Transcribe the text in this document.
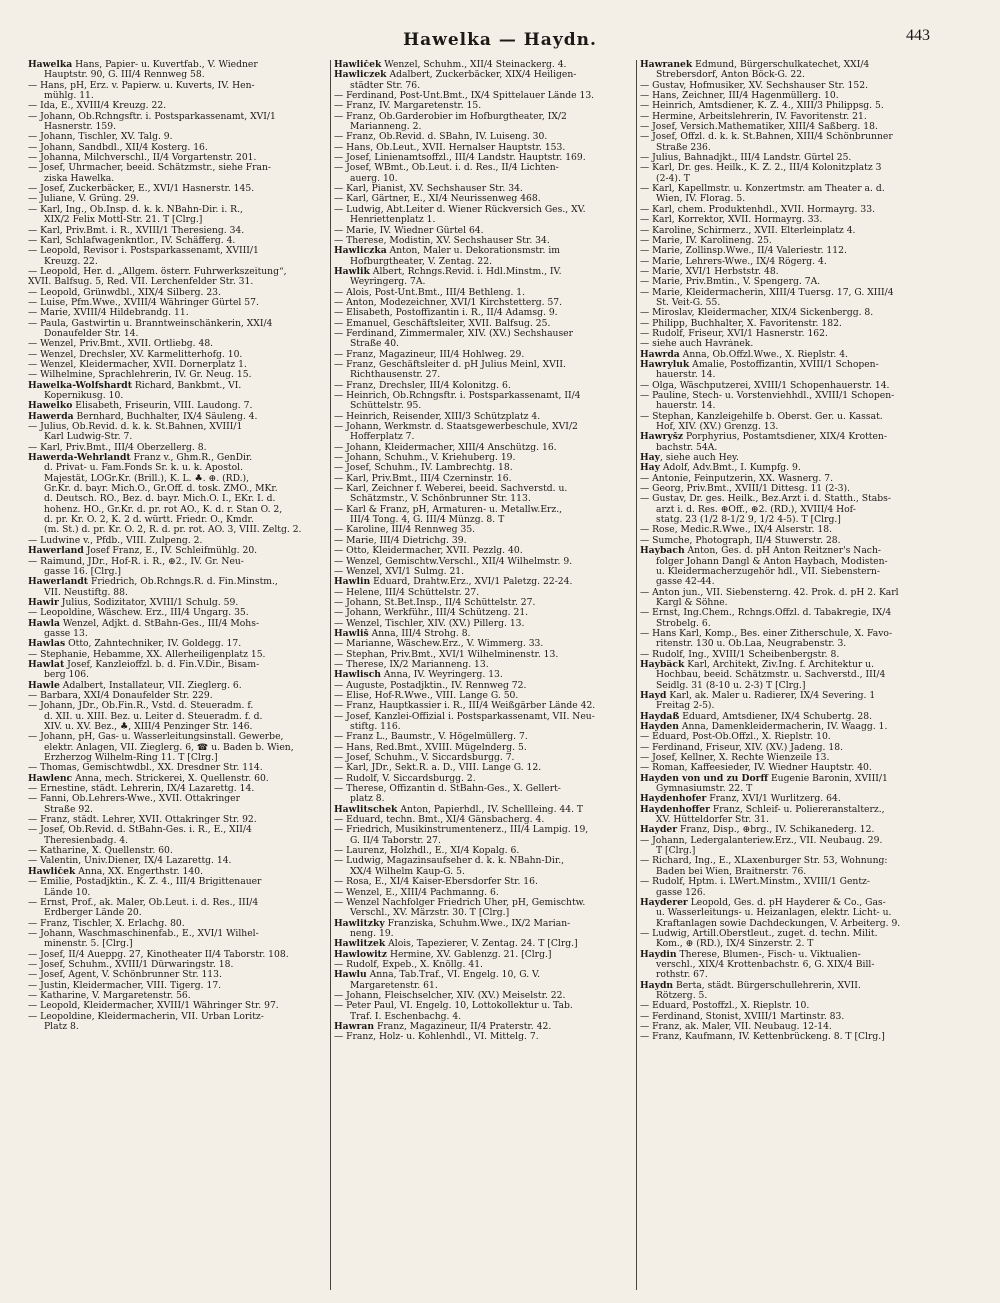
Hawelka — Haydn.	443
Hawelka Hans, Papier- u. Kuvertfab., V. Wiedner
Hauptstr. 90, G. III/4 Rennweg 58.
— Hans, pH, Erz. v. Papierw. u. Kuverts, IV. Hen-
mühlg. 11.
— Ida, E., XVIII/4 Kreuzg. 22.
— Johann, Ob.Rchngsftr. i. Postsparkassenamt, XVI/1
Hasnerstr. 159.
— Johann, Tischler, XV. Talg. 9.
— Johann, Sandbdl., XII/4 Kosterg. 16.
— Johanna, Milchverschl., II/4 Vorgartenstr. 201.
— Josef, Uhrmacher, beeid. Schätzmstr., siehe Fran-
ziska Hawelka.
— Josef, Zuckerbäcker, E., XVI/1 Hasnerstr. 145.
— Juliane, V. Grüng. 29.
— Karl, Ing., Ob.Insp. d. k. k. NBahn-Dir. i. R.,
XIX/2 Felix Mottl-Str. 21. T [Clrg.]
— Karl, Priv.Bmt. i. R., XVIII/1 Theresieng. 34.
— Karl, Schlafwagenkntlor., IV. Schäfferg. 4.
— Leopold, Revisor i. Postsparkassenamt, XVIII/1
Kreuzg. 22.
— Leopold, Her. d. „Allgem. österr. Fuhrwerkszeitung“,
XVII. Balfsug. 5, Red. VII. Lerchenfelder Str. 31.
— Leopold, Grünwdbl., XIX/4 Silberg. 23.
— Luise, Pfm.Wwe., XVIII/4 Währinger Gürtel 57.
— Marie, XVIII/4 Hildebrandg. 11.
— Paula, Gastwirtin u. Branntweinschänkerin, XXI/4
Donaufelder Str. 14.
— Wenzel, Priv.Bmt., XVII. Ortliebg. 48.
— Wenzel, Drechsler, XV. Karmelitterhofg. 10.
— Wenzel, Kleidermacher, XVII. Dornerplatz 1.
— Wilhelmine, Sprachlehrerin, IV. Gr. Neug. 15.
Hawelka-Wolfshardt Richard, Bankbmt., VI.
Kopernikusg. 10.
Hawelko Elisabeth, Friseurin, VIII. Laudong. 7.
Hawerda Bernhard, Buchhalter, IX/4 Säuleng. 4.
— Julius, Ob.Revid. d. k. k. St.Bahnen, XVIII/1
Karl Ludwig-Str. 7.
— Karl, Priv.Bmt., III/4 Oberzellerg. 8.
Hawerda-Wehrlandt Franz v., Ghm.R., GenDir.
d. Privat- u. Fam.Fonds Sr. k. u. k. Apostol.
Majestät, LOGr.Kr. (Brill.), K. L. ♣. ⊕. (RD.),
Gr.Kr. d. bayr. Mich.O., Gr.Off. d. tosk. ZMO., MKr.
d. Deutsch. RO., Bez. d. bayr. Mich.O. I., EKr. I. d.
hohenz. HO., Gr.Kr. d. pr. rot AO., K. d. r. Stan O. 2,
d. pr. Kr. O. 2, K. 2 d. württ. Friedr. O., Kmdr.
(m. St.) d. pr. Kr. O. 2, R. d. pr. rot. AO. 3, VIII. Zeltg. 2.
— Ludwine v., Pfdb., VIII. Zulpeng. 2.
Hawerland Josef Franz, E., IV. Schleifmühlg. 20.
— Raimund, JDr., Hof-R. i. R., ⊕2., IV. Gr. Neu-
gasse 16. [Clrg.]
Hawerlandt Friedrich, Ob.Rchngs.R. d. Fin.Minstm.,
VII. Neustiftg. 88.
Hawir Julius, Sodizitator, XVIII/1 Schulg. 59.
— Leopoldine, Wäschew. Erz., III/4 Ungarg. 35.
Hawla Wenzel, Adjkt. d. StBahn-Ges., III/4 Mohs-
gasse 13.
Hawlas Otto, Zahntechniker, IV. Goldegg. 17.
— Stephanie, Hebamme, XX. Allerheiligenplatz 15.
Hawlat Josef, Kanzleioffzl. b. d. Fin.V.Dir., Bisam-
berg 106.
Hawle Adalbert, Installateur, VII. Zieglerg. 6.
— Barbara, XXI/4 Donaufelder Str. 229.
— Johann, JDr., Ob.Fin.R., Vstd. d. Steueradm. f.
d. XII. u. XIII. Bez. u. Leiter d. Steueradm. f. d.
XIV. u. XV. Bez., ♣, XIII/4 Penzinger Str. 146.
— Johann, pH, Gas- u. Wasserleitungsinstall. Gewerbe,
elektr. Anlagen, VII. Zieglerg. 6, ☎ u. Baden b. Wien,
Erzherzog Wilhelm-Ring 11. T [Clrg.]
— Thomas, Gemischtwdbl., XX. Dresdner Str. 114.
Hawlenc Anna, mech. Strickerei, X. Quellenstr. 60.
— Ernestine, städt. Lehrerin, IX/4 Lazarettg. 14.
— Fanni, Ob.Lehrers-Wwe., XVII. Ottakringer
Straße 92.
— Franz, städt. Lehrer, XVII. Ottakringer Str. 92.
— Josef, Ob.Revid. d. StBahn-Ges. i. R., E., XII/4
Theresienbadg. 4.
— Katharine, X. Quellenstr. 60.
— Valentin, Univ.Diener, IX/4 Lazarettg. 14.
Hawliček Anna, XX. Engerthstr. 140.
— Emilie, Postadjktin., K. Z. 4., III/4 Brigittenauer
Lände 10.
— Ernst, Prof., ak. Maler, Ob.Leut. i. d. Res., III/4
Erdberger Lände 20.
— Franz, Tischler, X. Erlachg. 80.
— Johann, Waschmaschinenfab., E., XVI/1 Wilhel-
minenstr. 5. [Clrg.]
— Josef, II/4 Aueppg. 27, Kinotheater II/4 Taborstr. 108.
— Josef, Schuhm., XVIII/1 Dürwaringstr. 18.
— Josef, Agent, V. Schönbrunner Str. 113.
— Justin, Kleidermacher, VIII. Tigerg. 17.
— Katharine, V. Margaretenstr. 56.
— Leopold, Kleidermacher, XVIII/1 Währinger Str. 97.
— Leopoldine, Kleidermacherin, VII. Urban Loritz-
Platz 8.
Hawliček Wenzel, Schuhm., XII/4 Steinackerg. 4.
Hawliczek Adalbert, Zuckerbäcker, XIX/4 Heiligen-
städter Str. 76.
— Ferdinand, Post-Unt.Bmt., IX/4 Spittelauer Lände 13.
— Franz, IV. Margaretenstr. 15.
— Franz, Ob.Garderobier im Hofburgtheater, IX/2
Marianneng. 2.
— Franz, Ob.Revid. d. SBahn, IV. Luiseng. 30.
— Hans, Ob.Leut., XVII. Hernalser Hauptstr. 153.
— Josef, Linienamtsoffzl., III/4 Landstr. Hauptstr. 169.
— Josef, WBmt., Ob.Leut. i. d. Res., II/4 Lichten-
auerg. 10.
— Karl, Pianist, XV. Sechshauser Str. 34.
— Karl, Gärtner, E., XI/4 Neurissenweg 468.
— Ludwig, Abt.Leiter d. Wiener Rückversich Ges., XV.
Henriettenplatz 1.
— Marie, IV. Wiedner Gürtel 64.
— Therese, Modistin, XV. Sechshauser Str. 34.
Hawliczka Anton, Maler u. Dekorationsmstr. im
Hofburgtheater, V. Zentag. 22.
Hawlik Albert, Rchngs.Revid. i. Hdl.Minstm., IV.
Weyringerg. 7A.
— Alois, Post-Unt.Bmt., III/4 Bethleng. 1.
— Anton, Modezeichner, XVI/1 Kirchstetterg. 57.
— Elisabeth, Postoffizantin i. R., II/4 Adamsg. 9.
— Emanuel, Geschäftsleiter, XVII. Balfsug. 25.
— Ferdinand, Zimmermaler, XIV. (XV.) Sechshauser
Straße 40.
— Franz, Magazineur, III/4 Hohlweg. 29.
— Franz, Geschäftsleiter d. pH Julius Meinl, XVII.
Richthausenstr. 27.
— Franz, Drechsler, III/4 Kolonitzg. 6.
— Heinrich, Ob.Rchngsftr. i. Postsparkassenamt, II/4
Schüttelstr. 95.
— Heinrich, Reisender, XIII/3 Schützplatz 4.
— Johann, Werkmstr. d. Staatsgewerbeschule, XVI/2
Hofferplatz 7.
— Johann, Kleidermacher, XIII/4 Anschützg. 16.
— Johann, Schuhm., V. Kriehuberg. 19.
— Josef, Schuhm., IV. Lambrechtg. 18.
— Karl, Priv.Bmt., III/4 Czerninstr. 16.
— Karl, Zeichner f. Weberei, beeid. Sachverstd. u.
Schätzmstr., V. Schönbrunner Str. 113.
— Karl & Franz, pH, Armaturen- u. Metallw.Erz.,
III/4 Tong. 4, G. III/4 Münzg. 8. T
— Karoline, III/4 Rennweg 35.
— Marie, III/4 Dietrichg. 39.
— Otto, Kleidermacher, XVII. Pezzlg. 40.
— Wenzel, Gemischtw.Verschl., XII/4 Wilhelmstr. 9.
— Wenzel, XVI/1 Sulmg. 21.
Hawlin Eduard, Drahtw.Erz., XVI/1 Paletzg. 22-24.
— Helene, III/4 Schüttelstr. 27.
— Johann, St.Bet.Insp., II/4 Schüttelstr. 27.
— Johann, Werkführ., III/4 Schützeng. 21.
— Wenzel, Tischler, XIV. (XV.) Pillerg. 13.
Hawliš Anna, III/4 Strohg. 8.
— Marianne, Wäschew.Erz., V. Wimmerg. 33.
— Stephan, Priv.Bmt., XVI/1 Wilhelminenstr. 13.
— Therese, IX/2 Marianneng. 13.
Hawlisch Anna, IV. Weyringerg. 13.
— Auguste, Postadjktin., IV. Rennweg 72.
— Elise, Hof-R.Wwe., VIII. Lange G. 50.
— Franz, Hauptkassier i. R., III/4 Weißgärber Lände 42.
— Josef, Kanzlei-Offizial i. Postsparkassenamt, VII. Neu-
stiftg. 116.
— Franz L., Baumstr., V. Högelmüllerg. 7.
— Hans, Red.Bmt., XVIII. Mügelnderg. 5.
— Josef, Schuhm., V. Siccardsburgg. 7.
— Karl, JDr., Sekt.R. a. D., VIII. Lange G. 12.
— Rudolf, V. Siccardsburgg. 2.
— Therese, Offizantin d. StBahn-Ges., X. Gellert-
platz 8.
Hawlitschek Anton, Papierhdl., IV. Schellleing. 44. T
— Eduard, techn. Bmt., XI/4 Gänsbacherg. 4.
— Friedrich, Musikinstrumentenerz., III/4 Lampig. 19,
G. II/4 Taborstr. 27.
— Laurenz, Holzhdl., E., XI/4 Kopalg. 6.
— Ludwig, Magazinsaufseher d. k. k. NBahn-Dir.,
XX/4 Wilhelm Kaup-G. 5.
— Rosa, E., XI/4 Kaiser-Ebersdorfer Str. 16.
— Wenzel, E., XIII/4 Pachmanng. 6.
— Wenzel Nachfolger Friedrich Uher, pH, Gemischtw.
Verschl., XV. Märzstr. 30. T [Clrg.]
Hawlitzky Franziska, Schuhm.Wwe., IX/2 Marian-
neng. 19.
Hawlitzek Alois, Tapezierer, V. Zentag. 24. T [Clrg.]
Hawlowitz Hermine, XV. Gablenzg. 21. [Clrg.]
— Rudolf, Expeb., X. Knöllg. 41.
Hawlu Anna, Tab.Traf., VI. Engelg. 10, G. V.
Margaretenstr. 61.
— Johann, Fleischselcher, XIV. (XV.) Meiselstr. 22.
— Peter Paul, VI. Engelg. 10, Lottokollektur u. Tab.
Traf. I. Eschenbachg. 4.
Hawran Franz, Magazineur, II/4 Praterstr. 42.
— Franz, Holz- u. Kohlenhdl., VI. Mittelg. 7.
Hawranek Edmund, Bürgerschulkatechet, XXI/4
Strebersdorf, Anton Böck-G. 22.
— Gustav, Hofmusiker, XV. Sechshauser Str. 152.
— Hans, Zeichner, III/4 Hagenmüllerg. 10.
— Heinrich, Amtsdiener, K. Z. 4., XIII/3 Philippsg. 5.
— Hermine, Arbeitslehrerin, IV. Favoritenstr. 21.
— Josef, Versich.Mathematiker, XIII/4 Saßberg. 18.
— Josef, Offzl. d. k. k. St.Bahnen, XIII/4 Schönbrunner
Straße 236.
— Julius, Bahnadjkt., III/4 Landstr. Gürtel 25.
— Karl, Dr. ges. Heilk., K. Z. 2., III/4 Kolonitzplatz 3
(2-4). T
— Karl, Kapellmstr. u. Konzertmstr. am Theater a. d.
Wien, IV. Florag. 5.
— Karl, chem. Produktenhdl., XVII. Hormayrg. 33.
— Karl, Korrektor, XVII. Hormayrg. 33.
— Karoline, Schirmerz., XVII. Elterleinplatz 4.
— Marie, IV. Karolineng. 25.
— Marie, Zollinsp.Wwe., II/4 Valeriestr. 112.
— Marie, Lehrers-Wwe., IX/4 Rögerg. 4.
— Marie, XVI/1 Herbststr. 48.
— Marie, Priv.Bmtin., V. Spengerg. 7A.
— Marie, Kleidermacherin, XIII/4 Tuersg. 17, G. XIII/4
St. Veit-G. 55.
— Miroslav, Kleidermacher, XIX/4 Sickenbergg. 8.
— Philipp, Buchhalter, X. Favoritenstr. 182.
— Rudolf, Friseur, XVI/1 Hasnerstr. 162.
— siehe auch Havránek.
Hawrda Anna, Ob.Offzl.Wwe., X. Rieplstr. 4.
Hawryluk Amalie, Postoffizantin, XVIII/1 Schopen-
hauerstr. 14.
— Olga, Wäschputzerei, XVIII/1 Schopenhauerstr. 14.
— Pauline, Stech- u. Vorstenviehhdl., XVIII/1 Schopen-
hauerstr. 14.
— Stephan, Kanzleigehilfe b. Oberst. Ger. u. Kassat.
Hof, XIV. (XV.) Grenzg. 13.
Hawryšz Porphyrius, Postamtsdiener, XIX/4 Krotten-
bachstr. 54A.
Hay, siehe auch Hey.
Hay Adolf, Adv.Bmt., I. Kumpfg. 9.
— Antonie, Feinputzerin, XX. Wasnerg. 7.
— Georg, Priv.Bmt., XVIII/1 Dittesg. 11 (2-3).
— Gustav, Dr. ges. Heilk., Bez.Arzt i. d. Statth., Stabs-
arzt i. d. Res. ⊕Off., ⊕2. (RD.), XVIII/4 Hof-
statg. 23 (1/2 8-1/2 9, 1/2 4-5). T [Clrg.]
— Rose, Medic.R.Wwe., IX/4 Alserstr. 18.
— Sumche, Photograph, II/4 Stuwerstr. 28.
Haybach Anton, Ges. d. pH Anton Reitzner's Nach-
folger Johann Dangl & Anton Haybach, Modisten-
u. Kleidermacherzugehör hdl., VII. Siebenstern-
gasse 42-44.
— Anton jun., VII. Siebensterng. 42. Prok. d. pH 2. Karl
Kargl & Söhne.
— Ernst, Ing.Chem., Rchngs.Offzl. d. Tabakregie, IX/4
Strobelg. 6.
— Hans Karl, Komp., Bes. einer Zitherschule, X. Favo-
ritenstr. 130 u. Ob.Laa, Neugrabenstr. 3.
— Rudolf, Ing., XVIII/1 Scheibenbergstr. 8.
Haybäck Karl, Architekt, Ziv.Ing. f. Architektur u.
Hochbau, beeid. Schätzmstr. u. Sachverstd., III/4
Seidlg. 31 (8-10 u. 2-3) T [Clrg.]
Hayd Karl, ak. Maler u. Radierer, IX/4 Severing. 1
Freitag 2-5).
Haydaß Eduard, Amtsdiener, IX/4 Schubertg. 28.
Hayden Anna, Damenkleidermacherin, IV. Waagg. 1.
— Eduard, Post-Ob.Offzl., X. Rieplstr. 10.
— Ferdinand, Friseur, XIV. (XV.) Jadeng. 18.
— Josef, Kellner, X. Rechte Wienzeile 13.
— Roman, Kaffeesieder, IV. Wiedner Hauptstr. 40.
Hayden von und zu Dorff Eugenie Baronin, XVIII/1
Gymnasiumstr. 22. T
Haydenhofer Franz, XVI/1 Wurlitzerg. 64.
Haydenhoffer Franz, Schleif- u. Poliereranstalterz.,
XV. Hütteldorfer Str. 31.
Hayder Franz, Disp., ⊕brg., IV. Schikanederg. 12.
— Johann, Ledergalanteriew.Erz., VII. Neubaug. 29.
T [Clrg.]
— Richard, Ing., E., XLaxenburger Str. 53, Wohnung:
Baden bei Wien, Braitnerstr. 76.
— Rudolf, Hptm. i. LWert.Minstm., XVIII/1 Gentz-
gasse 126.
Hayderer Leopold, Ges. d. pH Hayderer & Co., Gas-
u. Wasserleitungs- u. Heizanlagen, elektr. Licht- u.
Kraftanlagen sowie Dachdeckungen, V. Arbeiterg. 9.
— Ludwig, Artill.Oberstleut., zuget. d. techn. Milit.
Kom., ⊕ (RD.), IX/4 Sinzerstr. 2. T
Haydin Therese, Blumen-, Fisch- u. Viktualien-
verschl., XIX/4 Krottenbachstr. 6, G. XIX/4 Bill-
rothstr. 67.
Haydn Berta, städt. Bürgerschullehrerin, XVII.
Rötzerg. 5.
— Eduard, Postoffzl., X. Rieplstr. 10.
— Ferdinand, Stonist, XVIII/1 Martinstr. 83.
— Franz, ak. Maler, VII. Neubaug. 12-14.
— Franz, Kaufmann, IV. Kettenbrückeng. 8. T [Clrg.]
